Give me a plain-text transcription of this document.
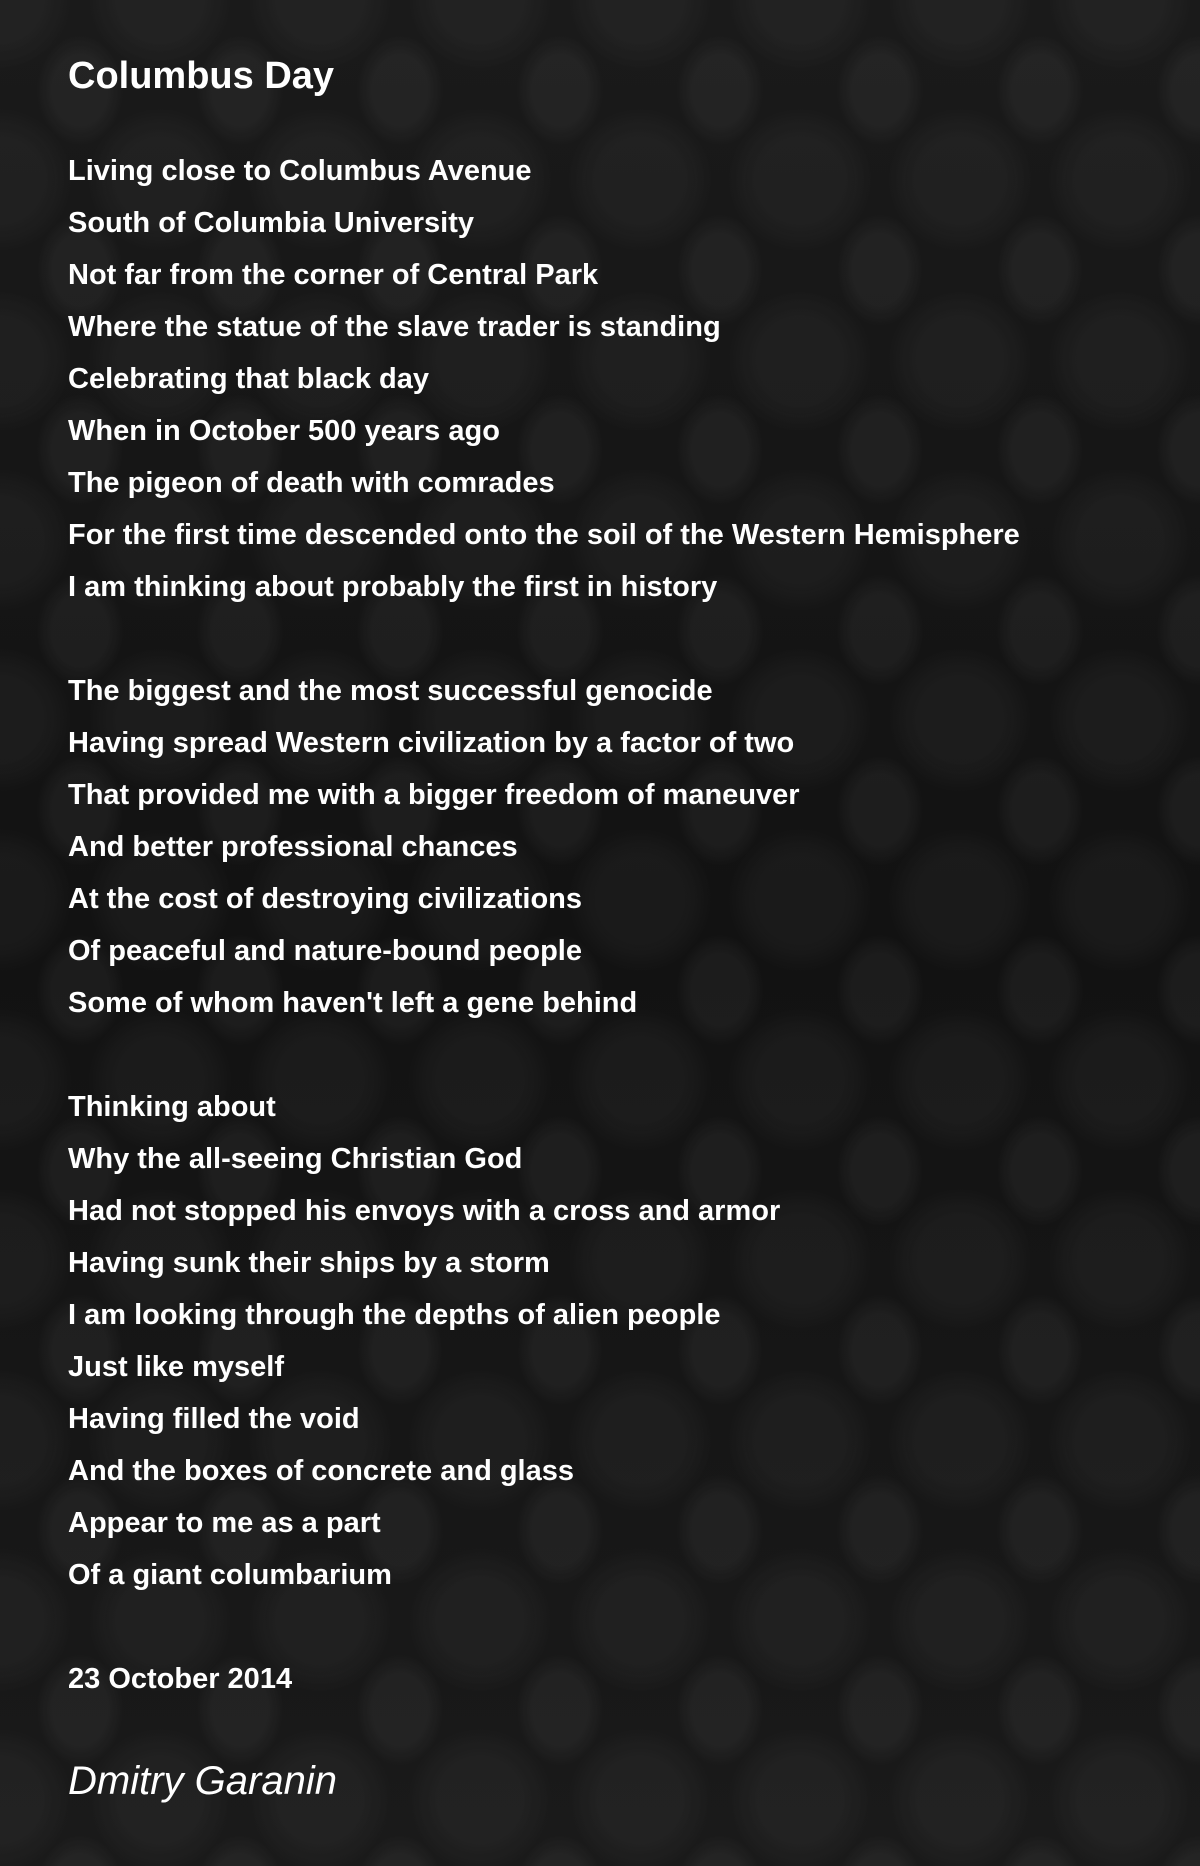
Columbus Day
Living close to Columbus Avenue
South of Columbia University
Not far from the corner of Central Park
Where the statue of the slave trader is standing
Celebrating that black day
When in October 500 years ago
The pigeon of death with comrades
For the first time descended onto the soil of the Western Hemisphere
I am thinking about probably the first in history
The biggest and the most successful genocide
Having spread Western civilization by a factor of two
That provided me with a bigger freedom of maneuver
And better professional chances
At the cost of destroying civilizations
Of peaceful and nature-bound people
Some of whom haven't left a gene behind
Thinking about
Why the all-seeing Christian God
Had not stopped his envoys with a cross and armor
Having sunk their ships by a storm
I am looking through the depths of alien people
Just like myself
Having filled the void
And the boxes of concrete and glass
Appear to me as a part
Of a giant columbarium
23 October 2014
Dmitry Garanin
